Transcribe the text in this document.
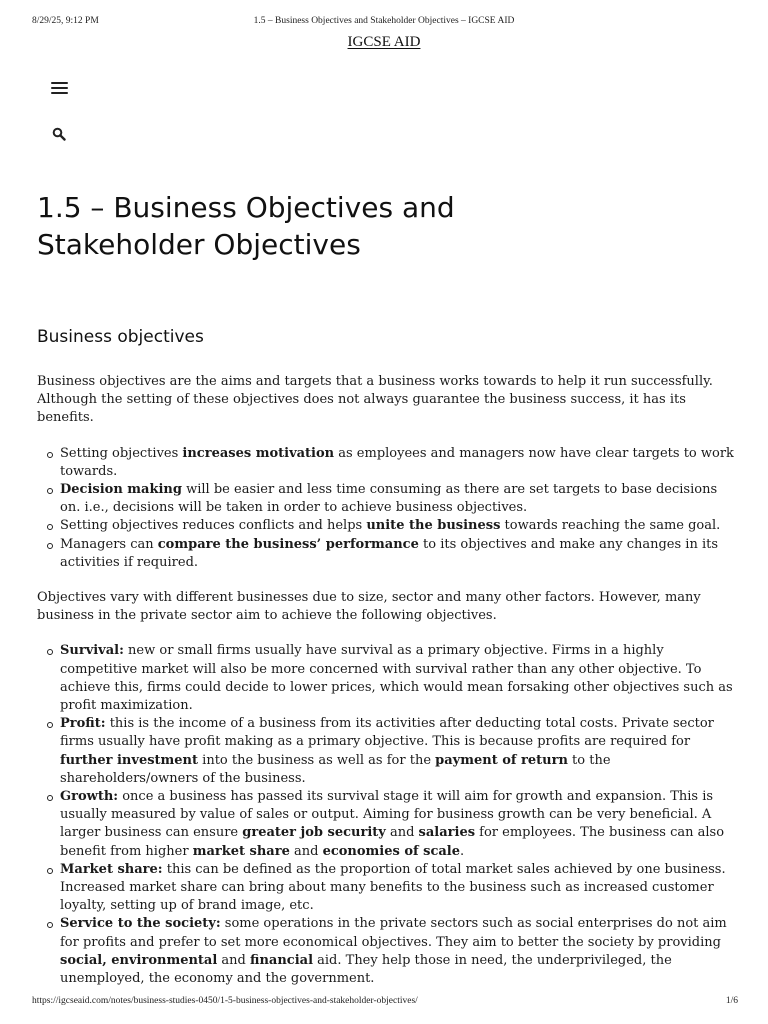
8/29/25, 9:12 PM	1.5 – Business Objectives and Stakeholder Objectives – IGCSE AID
IGCSE AID
1.5 – Business Objectives and
Stakeholder Objectives
Business objectives

Business objectives are the aims and targets that a business works towards to help it run successfully. Although the setting of these objectives does not always guarantee the business success, it has its benefits.

Setting objectives increases motivation as employees and managers now have clear targets to work towards.
Decision making will be easier and less time consuming as there are set targets to base decisions on. i.e., decisions will be taken in order to achieve business objectives.
Setting objectives reduces conflicts and helps unite the business towards reaching the same goal.
Managers can compare the business’ performance to its objectives and make any changes in its activities if required.

Objectives vary with different businesses due to size, sector and many other factors. However, many business in the private sector aim to achieve the following objectives.

Survival: new or small firms usually have survival as a primary objective. Firms in a highly competitive market will also be more concerned with survival rather than any other objective. To achieve this, firms could decide to lower prices, which would mean forsaking other objectives such as profit maximization.
Profit: this is the income of a business from its activities after deducting total costs. Private sector firms usually have profit making as a primary objective. This is because profits are required for further investment into the business as well as for the payment of return to the shareholders/owners of the business.
Growth: once a business has passed its survival stage it will aim for growth and expansion. This is usually measured by value of sales or output. Aiming for business growth can be very beneficial. A larger business can ensure greater job security and salaries for employees. The business can also benefit from higher market share and economies of scale.
Market share: this can be defined as the proportion of total market sales achieved by one business. Increased market share can bring about many benefits to the business such as increased customer loyalty, setting up of brand image, etc.
Service to the society: some operations in the private sectors such as social enterprises do not aim for profits and prefer to set more economical objectives. They aim to better the society by providing social, environmental and financial aid. They help those in need, the underprivileged, the unemployed, the economy and the government.
https://igcseaid.com/notes/business-studies-0450/1-5-business-objectives-and-stakeholder-objectives/	1/6
